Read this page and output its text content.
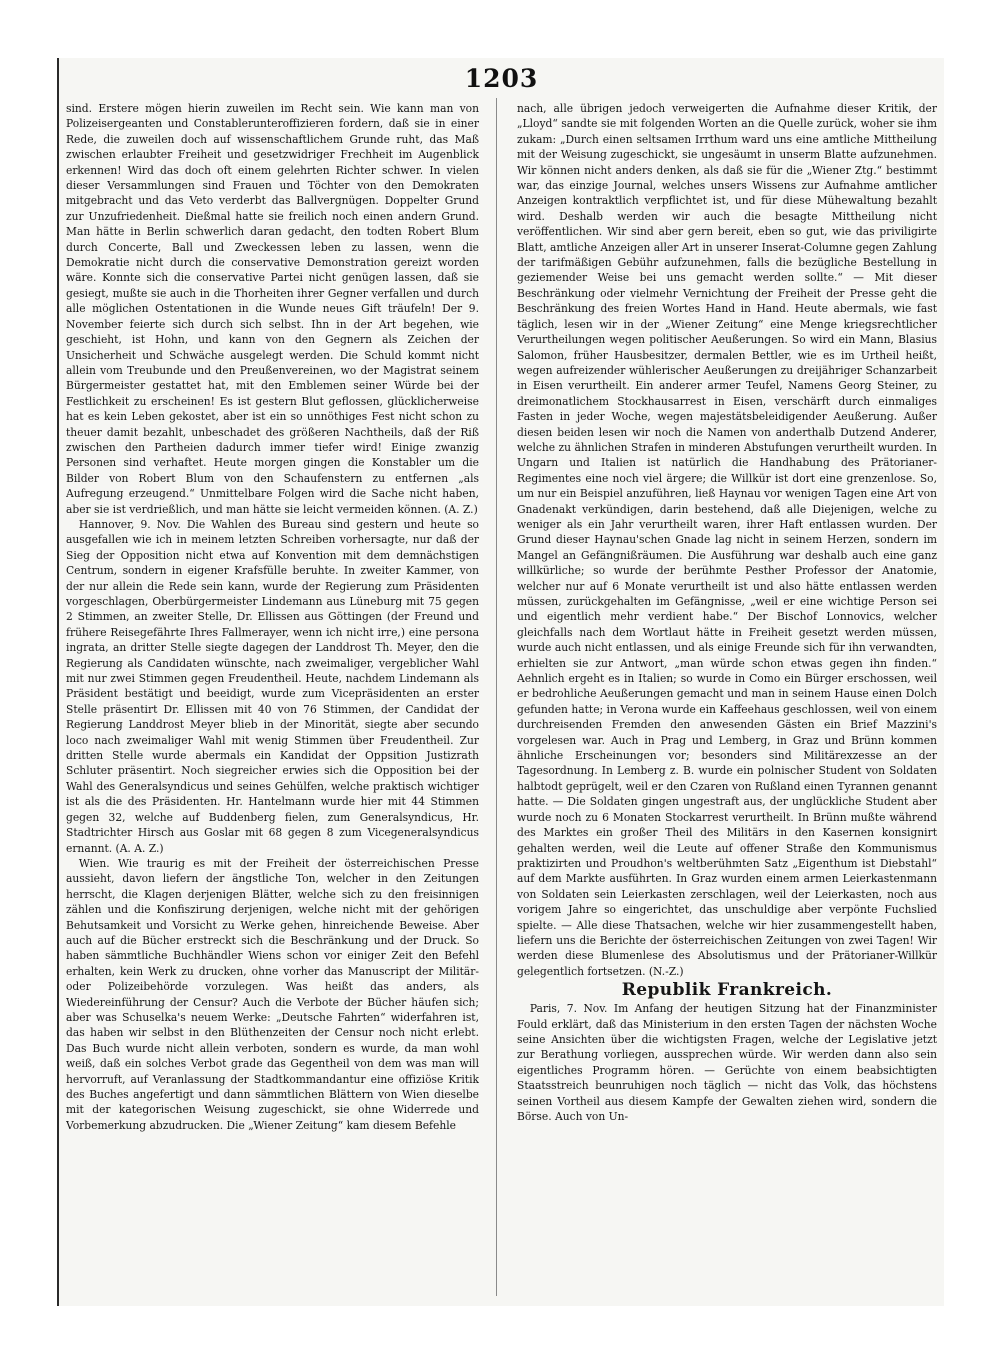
1203

sind. Erstere mögen hierin zuweilen im Recht sein. Wie kann man von Polizeisergeanten und Constablerunteroffizieren fordern, daß sie in einer Rede, die zuweilen doch auf wissenschaftlichem Grunde ruht, das Maß zwischen erlaubter Freiheit und gesetzwidriger Frechheit im Augenblick erkennen! Wird das doch oft einem gelehrten Richter schwer. In vielen dieser Versammlungen sind Frauen und Töchter von den Demokraten mitgebracht und das Veto verderbt das Ballvergnügen. Doppelter Grund zur Unzufriedenheit. Dießmal hatte sie freilich noch einen andern Grund. Man hätte in Berlin schwerlich daran gedacht, den todten Robert Blum durch Concerte, Ball und Zweckessen leben zu lassen, wenn die Demokratie nicht durch die conservative Demonstration gereizt worden wäre. Konnte sich die conservative Partei nicht genügen lassen, daß sie gesiegt, mußte sie auch in die Thorheiten ihrer Gegner verfallen und durch alle möglichen Ostentationen in die Wunde neues Gift träufeln! Der 9. November feierte sich durch sich selbst. Ihn in der Art begehen, wie geschieht, ist Hohn, und kann von den Gegnern als Zeichen der Unsicherheit und Schwäche ausgelegt werden. Die Schuld kommt nicht allein vom Treubunde und den Preußenvereinen, wo der Magistrat seinem Bürgermeister gestattet hat, mit den Emblemen seiner Würde bei der Festlichkeit zu erscheinen! Es ist gestern Blut geflossen, glücklicherweise hat es kein Leben gekostet, aber ist ein so unnöthiges Fest nicht schon zu theuer damit bezahlt, unbeschadet des größeren Nachtheils, daß der Riß zwischen den Partheien dadurch immer tiefer wird! Einige zwanzig Personen sind verhaftet. Heute morgen gingen die Konstabler um die Bilder von Robert Blum von den Schaufenstern zu entfernen „als Aufregung erzeugend.“ Unmittelbare Folgen wird die Sache nicht haben, aber sie ist verdrießlich, und man hätte sie leicht vermeiden können. (A. Z.)

Hannover, 9. Nov. Die Wahlen des Bureau sind gestern und heute so ausgefallen wie ich in meinem letzten Schreiben vorhersagte, nur daß der Sieg der Opposition nicht etwa auf Konvention mit dem demnächstigen Centrum, sondern in eigener Krafsfülle beruhte. In zweiter Kammer, von der nur allein die Rede sein kann, wurde der Regierung zum Präsidenten vorgeschlagen, Oberbürgermeister Lindemann aus Lüneburg mit 75 gegen 2 Stimmen, an zweiter Stelle, Dr. Ellissen aus Göttingen (der Freund und frühere Reisegefährte Ihres Fallmerayer, wenn ich nicht irre,) eine persona ingrata, an dritter Stelle siegte dagegen der Landdrost Th. Meyer, den die Regierung als Candidaten wünschte, nach zweimaliger, vergeblicher Wahl mit nur zwei Stimmen gegen Freudentheil. Heute, nachdem Lindemann als Präsident bestätigt und beeidigt, wurde zum Vicepräsidenten an erster Stelle präsentirt Dr. Ellissen mit 40 von 76 Stimmen, der Candidat der Regierung Landdrost Meyer blieb in der Minorität, siegte aber secundo loco nach zweimaliger Wahl mit wenig Stimmen über Freudentheil. Zur dritten Stelle wurde abermals ein Kandidat der Oppsition Justizrath Schluter präsentirt. Noch siegreicher erwies sich die Opposition bei der Wahl des Generalsyndicus und seines Gehülfen, welche praktisch wichtiger ist als die des Präsidenten. Hr. Hantelmann wurde hier mit 44 Stimmen gegen 32, welche auf Buddenberg fielen, zum Generalsyndicus, Hr. Stadtrichter Hirsch aus Goslar mit 68 gegen 8 zum Vicegeneralsyndicus ernannt. (A. A. Z.)

Wien. Wie traurig es mit der Freiheit der österreichischen Presse aussieht, davon liefern der ängstliche Ton, welcher in den Zeitungen herrscht, die Klagen derjenigen Blätter, welche sich zu den freisinnigen zählen und die Konfiszirung derjenigen, welche nicht mit der gehörigen Behutsamkeit und Vorsicht zu Werke gehen, hinreichende Beweise. Aber auch auf die Bücher erstreckt sich die Beschränkung und der Druck. So haben sämmtliche Buchhändler Wiens schon vor einiger Zeit den Befehl erhalten, kein Werk zu drucken, ohne vorher das Manuscript der Militär- oder Polizeibehörde vorzulegen. Was heißt das anders, als Wiedereinführung der Censur? Auch die Verbote der Bücher häufen sich; aber was Schuselka's neuem Werke: „Deutsche Fahrten“ widerfahren ist, das haben wir selbst in den Blüthenzeiten der Censur noch nicht erlebt. Das Buch wurde nicht allein verboten, sondern es wurde, da man wohl weiß, daß ein solches Verbot grade das Gegentheil von dem was man will hervorruft, auf Veranlassung der Stadtkommandantur eine offiziöse Kritik des Buches angefertigt und dann sämmtlichen Blättern von Wien dieselbe mit der kategorischen Weisung zugeschickt, sie ohne Widerrede und Vorbemerkung abzudrucken. Die „Wiener Zeitung“ kam diesem Befehle

nach, alle übrigen jedoch verweigerten die Aufnahme dieser Kritik, der „Lloyd“ sandte sie mit folgenden Worten an die Quelle zurück, woher sie ihm zukam: „Durch einen seltsamen Irrthum ward uns eine amtliche Mittheilung mit der Weisung zugeschickt, sie ungesäumt in unserm Blatte aufzunehmen. Wir können nicht anders denken, als daß sie für die „Wiener Ztg.“ bestimmt war, das einzige Journal, welches unsers Wissens zur Aufnahme amtlicher Anzeigen kontraktlich verpflichtet ist, und für diese Mühewaltung bezahlt wird. Deshalb werden wir auch die besagte Mittheilung nicht veröffentlichen. Wir sind aber gern bereit, eben so gut, wie das priviligirte Blatt, amtliche Anzeigen aller Art in unserer Inserat-Columne gegen Zahlung der tarifmäßigen Gebühr aufzunehmen, falls die bezügliche Bestellung in geziemender Weise bei uns gemacht werden sollte.“ — Mit dieser Beschränkung oder vielmehr Vernichtung der Freiheit der Presse geht die Beschränkung des freien Wortes Hand in Hand. Heute abermals, wie fast täglich, lesen wir in der „Wiener Zeitung“ eine Menge kriegsrechtlicher Verurtheilungen wegen politischer Aeußerungen. So wird ein Mann, Blasius Salomon, früher Hausbesitzer, dermalen Bettler, wie es im Urtheil heißt, wegen aufreizender wühlerischer Aeußerungen zu dreijähriger Schanzarbeit in Eisen verurtheilt. Ein anderer armer Teufel, Namens Georg Steiner, zu dreimonatlichem Stockhausarrest in Eisen, verschärft durch einmaliges Fasten in jeder Woche, wegen majestätsbeleidigender Aeußerung. Außer diesen beiden lesen wir noch die Namen von anderthalb Dutzend Anderer, welche zu ähnlichen Strafen in minderen Abstufungen verurtheilt wurden. In Ungarn und Italien ist natürlich die Handhabung des Prätorianer-Regimentes eine noch viel ärgere; die Willkür ist dort eine grenzenlose. So, um nur ein Beispiel anzuführen, ließ Haynau vor wenigen Tagen eine Art von Gnadenakt verkündigen, darin bestehend, daß alle Diejenigen, welche zu weniger als ein Jahr verurtheilt waren, ihrer Haft entlassen wurden. Der Grund dieser Haynau'schen Gnade lag nicht in seinem Herzen, sondern im Mangel an Gefängnißräumen. Die Ausführung war deshalb auch eine ganz willkürliche; so wurde der berühmte Pesther Professor der Anatomie, welcher nur auf 6 Monate verurtheilt ist und also hätte entlassen werden müssen, zurückgehalten im Gefängnisse, „weil er eine wichtige Person sei und eigentlich mehr verdient habe.“ Der Bischof Lonnovics, welcher gleichfalls nach dem Wortlaut hätte in Freiheit gesetzt werden müssen, wurde auch nicht entlassen, und als einige Freunde sich für ihn verwandten, erhielten sie zur Antwort, „man würde schon etwas gegen ihn finden.“ Aehnlich ergeht es in Italien; so wurde in Como ein Bürger erschossen, weil er bedrohliche Aeußerungen gemacht und man in seinem Hause einen Dolch gefunden hatte; in Verona wurde ein Kaffeehaus geschlossen, weil von einem durchreisenden Fremden den anwesenden Gästen ein Brief Mazzini's vorgelesen war. Auch in Prag und Lemberg, in Graz und Brünn kommen ähnliche Erscheinungen vor; besonders sind Militärexzesse an der Tagesordnung. In Lemberg z. B. wurde ein polnischer Student von Soldaten halbtodt geprügelt, weil er den Czaren von Rußland einen Tyrannen genannt hatte. — Die Soldaten gingen ungestraft aus, der unglückliche Student aber wurde noch zu 6 Monaten Stockarrest verurtheilt. In Brünn mußte während des Marktes ein großer Theil des Militärs in den Kasernen konsignirt gehalten werden, weil die Leute auf offener Straße den Kommunismus praktizirten und Proudhon's weltberühmten Satz „Eigenthum ist Diebstahl“ auf dem Markte ausführten. In Graz wurden einem armen Leierkastenmann von Soldaten sein Leierkasten zerschlagen, weil der Leierkasten, noch aus vorigem Jahre so eingerichtet, das unschuldige aber verpönte Fuchslied spielte. — Alle diese Thatsachen, welche wir hier zusammengestellt haben, liefern uns die Berichte der österreichischen Zeitungen von zwei Tagen! Wir werden diese Blumenlese des Absolutismus und der Prätorianer-Willkür gelegentlich fortsetzen. (N.-Z.)

Republik Frankreich.

Paris, 7. Nov. Im Anfang der heutigen Sitzung hat der Finanzminister Fould erklärt, daß das Ministerium in den ersten Tagen der nächsten Woche seine Ansichten über die wichtigsten Fragen, welche der Legislative jetzt zur Berathung vorliegen, aussprechen würde. Wir werden dann also sein eigentliches Programm hören. — Gerüchte von einem beabsichtigten Staatsstreich beunruhigen noch täglich — nicht das Volk, das höchstens seinen Vortheil aus diesem Kampfe der Gewalten ziehen wird, sondern die Börse. Auch von Un-
